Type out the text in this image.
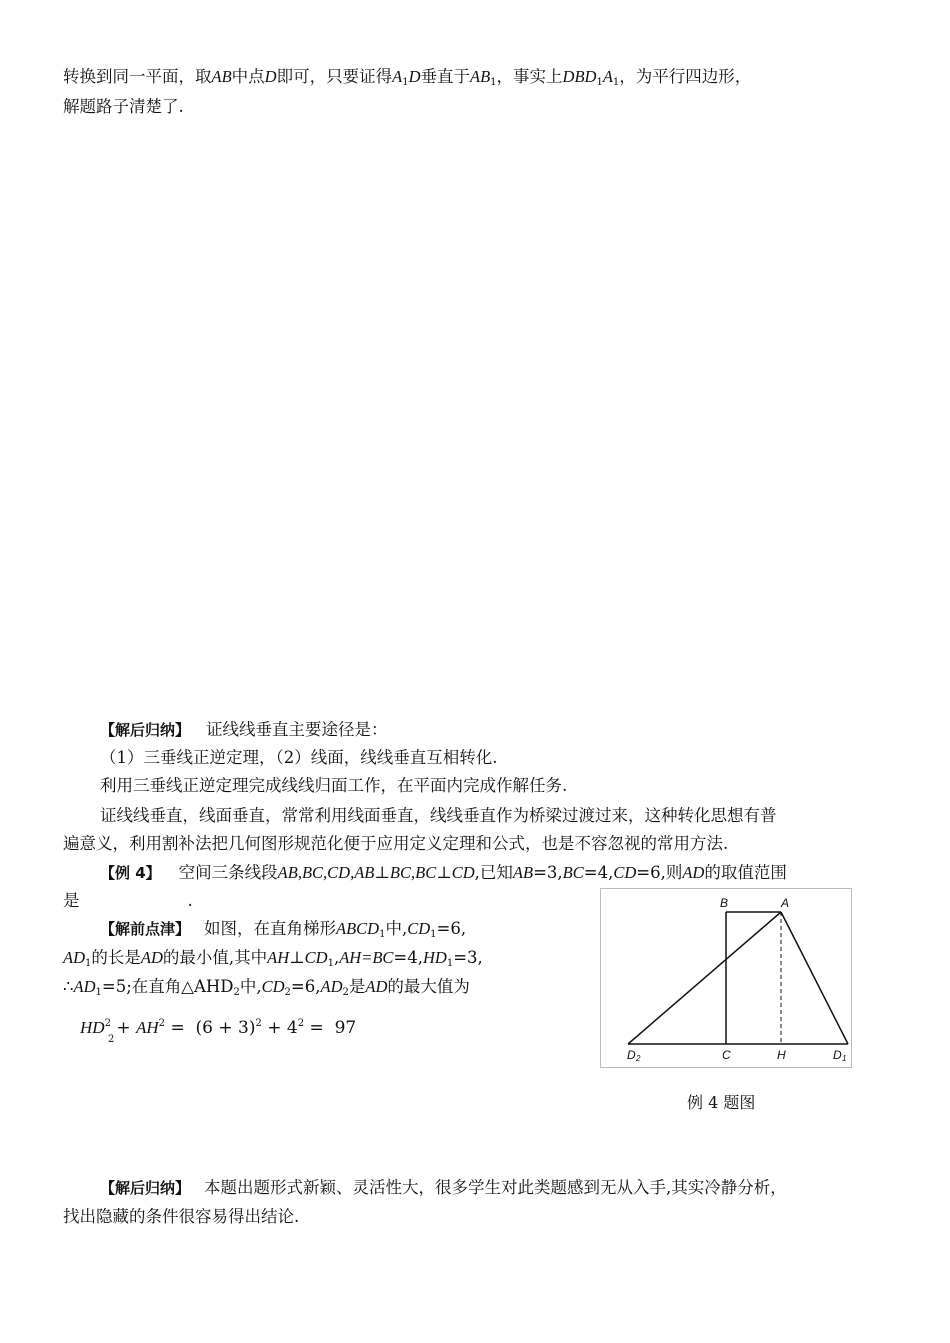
转换到同一平面，取AB中点D即可，只要证得$A_1D$垂直于$AB_1$，事实上$DBD_1A_1$，为平行四边形，
解题路子清楚了.
【解后归纳】 证线线垂直主要途径是：
（1）三垂线正逆定理，（2）线面，线线垂直互相转化.
利用三垂线正逆定理完成线线归面工作，在平面内完成作解任务.
证线线垂直，线面垂直，常常利用线面垂直，线线垂直作为桥梁过渡过来，这种转化思想有普
遍意义，利用割补法把几何图形规范化便于应用定义定理和公式，也是不容忽视的常用方法.
【例 4】 空间三条线段AB,BC,CD,AB⊥BC,BC⊥CD,已知AB=3,BC=4,CD=6,则AD的取值范围
是	.
【解前点津】 如图，在直角梯形$ABCD_1$中$,CD_1=6$,
$AD_1$的长是AD的最小值,其中$AH\perp CD_1,AH=BC=4,HD_1=3$,
$\therefore AD_1=5$;在直角$\triangle AHD_2$中$,CD_2=6,AD_2$是AD的最大值为
$HD^2$
2
+ $AH^2 = (6 + 3)^2 + 4^2 = 97$
B	A
D 2	C	H	D 1
例 4 题图
【解后归纳】 本题出题形式新颖、灵活性大，很多学生对此类题感到无从入手,其实冷静分析，
找出隐藏的条件很容易得出结论.
